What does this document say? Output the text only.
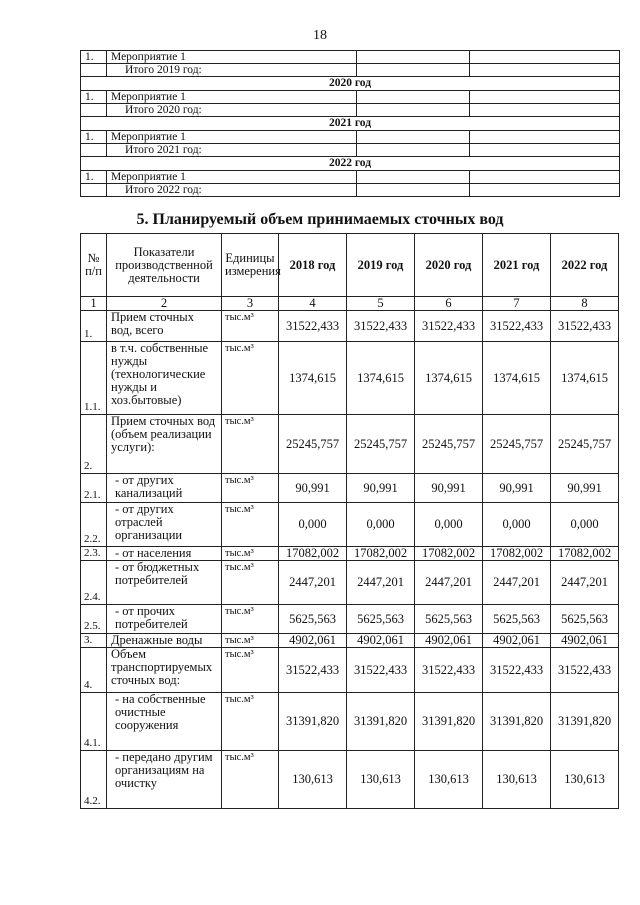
18
1.	Мероприятие 1		
	Итого 2019 год:		
2020 год			
1.	Мероприятие 1		
	Итого 2020 год:		
2021 год			
1.	Мероприятие 1		
	Итого 2021 год:		
2022 год			
1.	Мероприятие 1		
	Итого 2022 год:		
5. Планируемый объем принимаемых сточных вод
№ п/п	Показатели производственной деятельности	Единицы измерения	2018 год	2019 год	2020 год	2021 год	2022 год
1	2	3	4	5	6	7	8
1.	Прием сточных вод, всего	тыс.м³	31522,433	31522,433	31522,433	31522,433	31522,433
1.1.	в т.ч. собственные нужды (технологические нужды и хоз.бытовые)	тыс.м³	1374,615	1374,615	1374,615	1374,615	1374,615
2.	Прием сточных вод (объем реализации услуги):	тыс.м³	25245,757	25245,757	25245,757	25245,757	25245,757
2.1.	- от других канализаций	тыс.м³	90,991	90,991	90,991	90,991	90,991
2.2.	- от других отраслей организации	тыс.м³	0,000	0,000	0,000	0,000	0,000
2.3.	- от населения	тыс.м³	17082,002	17082,002	17082,002	17082,002	17082,002
2.4.	- от бюджетных потребителей	тыс.м³	2447,201	2447,201	2447,201	2447,201	2447,201
2.5.	- от прочих потребителей	тыс.м³	5625,563	5625,563	5625,563	5625,563	5625,563
3.	Дренажные воды	тыс.м³	4902,061	4902,061	4902,061	4902,061	4902,061
4.	Объем транспортируемых сточных вод:	тыс.м³	31522,433	31522,433	31522,433	31522,433	31522,433
4.1.	- на собственные очистные сооружения	тыс.м³	31391,820	31391,820	31391,820	31391,820	31391,820
4.2.	- передано другим организациям на очистку	тыс.м³	130,613	130,613	130,613	130,613	130,613
